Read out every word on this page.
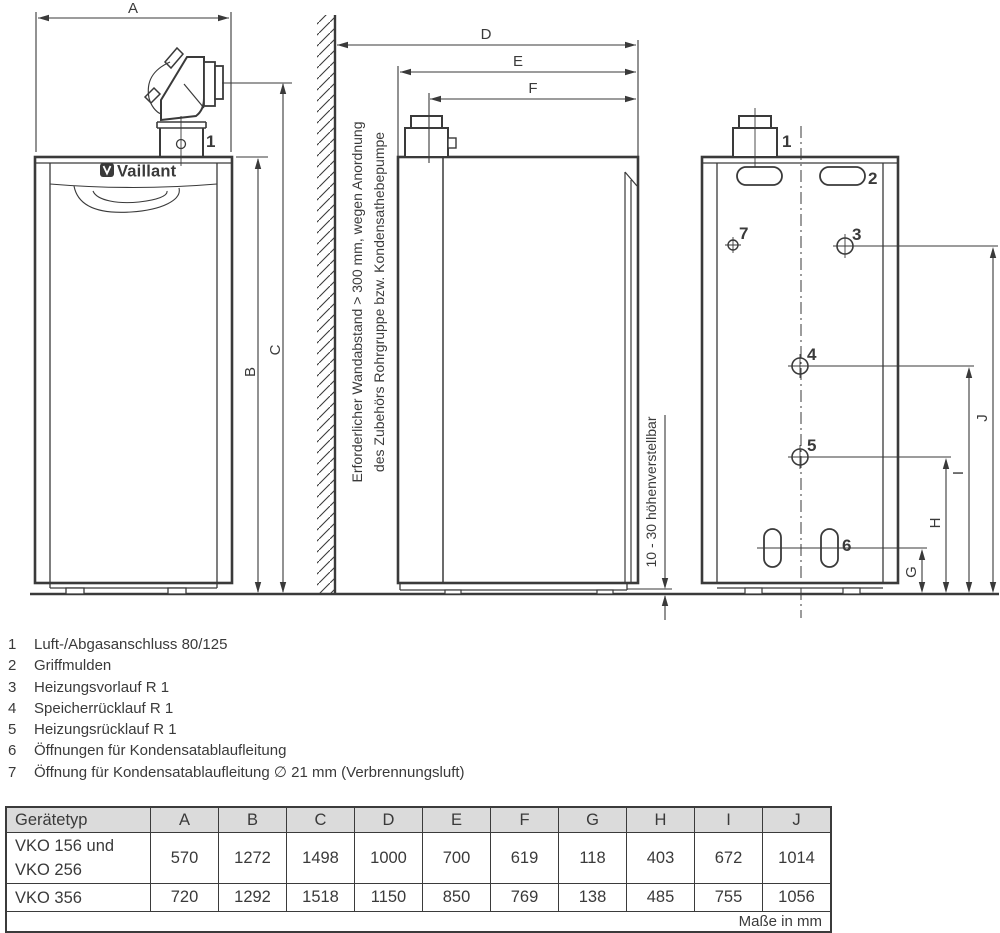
1
A
B
C
D
E
F
Erforderlicher Wandabstand > 300 mm, wegen Anordnung des Zubehörs Rohrgruppe bzw. Kondensathebepumpe
10 - 30 höhenverstellbar
1
2
7	3
4
5
6
G
H
I
J
Vaillant
1	Luft-/Abgasanschluss 80/125
2	Griffmulden
3	Heizungsvorlauf R 1
4	Speicherrücklauf R 1
5	Heizungsrücklauf R 1
6	Öffnungen für Kondensatablaufleitung
7	Öffnung für Kondensatablaufleitung ∅ 21 mm (Verbrennungsluft)
Gerätetyp	A	B	C	D	E	F	G	H	I	J

VKO 156 und
VKO 256	570	1272	1498	1000	700	619	118	403	672	1014
VKO 356	720	1292	1518	1150	850	769	138	485	755	1056
Maße in mm										
